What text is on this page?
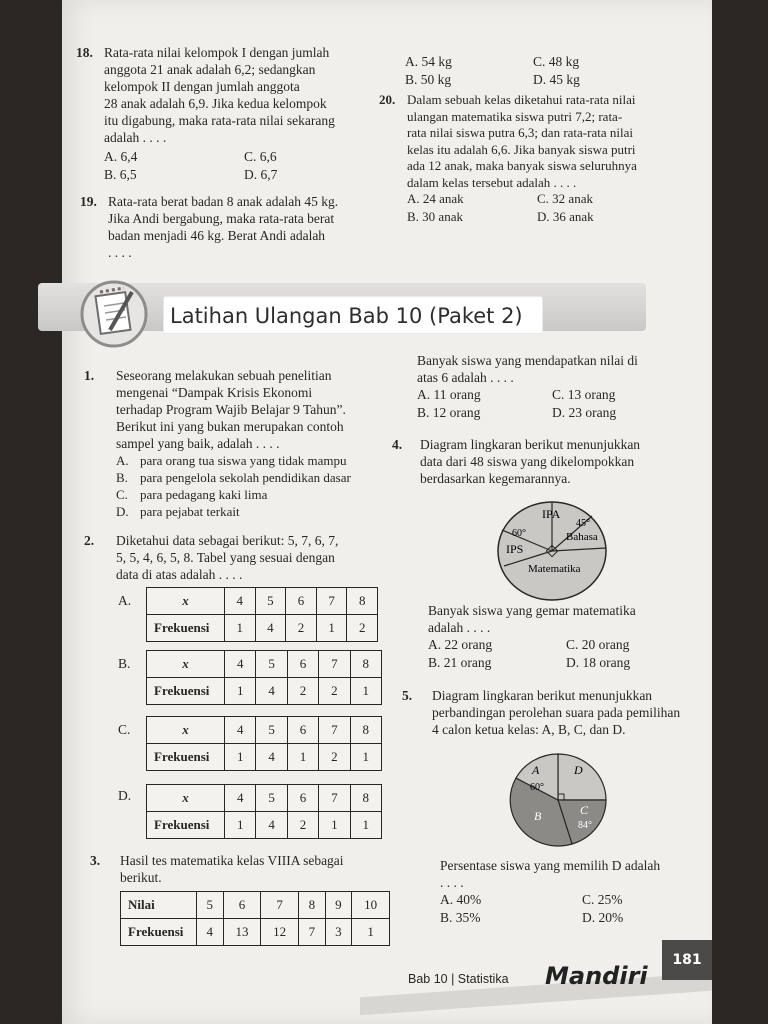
18. Rata-rata nilai kelompok I dengan jumlah

anggota 21 anak adalah 6,2; sedangkan

kelompok II dengan jumlah anggota

28 anak adalah 6,9. Jika kedua kelompok

itu digabung, maka rata-rata nilai sekarang

adalah . . . .

A. 6,4	C. 6,6
B. 6,5	D. 6,7
19. Rata-rata berat badan 8 anak adalah 45 kg.

Jika Andi bergabung, maka rata-rata berat

badan menjadi 46 kg. Berat Andi adalah

. . . .

A. 54 kg	C. 48 kg
B. 50 kg	D. 45 kg
20. Dalam sebuah kelas diketahui rata-rata nilai

ulangan matematika siswa putri 7,2; rata-

rata nilai siswa putra 6,3; dan rata-rata nilai

kelas itu adalah 6,6. Jika banyak siswa putri

ada 12 anak, maka banyak siswa seluruhnya

dalam kelas tersebut adalah . . . .

A. 24 anak	C. 32 anak
B. 30 anak	D. 36 anak
Latihan Ulangan Bab 10 (Paket 2)
1. Seseorang melakukan sebuah penelitian

mengenai “Dampak Krisis Ekonomi

terhadap Program Wajib Belajar 9 Tahun”.

Berikut ini yang bukan merupakan contoh

sampel yang baik, adalah . . . .

A. para orang tua siswa yang tidak mampu
B. para pengelola sekolah pendidikan dasar
C. para pedagang kaki lima
D. para pejabat terkait
2. Diketahui data sebagai berikut: 5, 7, 6, 7,

5, 5, 4, 6, 5, 8. Tabel yang sesuai dengan

data di atas adalah . . . .

A.	x	4	5	6	7	8
Frekuensi	1	4	2	1	2
B.	x	4	5	6	7	8
Frekuensi	1	4	2	2	1
C.	x	4	5	6	7	8
Frekuensi	1	4	1	2	1
D.	x	4	5	6	7	8
Frekuensi	1	4	2	1	1
3. Hasil tes matematika kelas VIIIA sebagai

berikut.

Nilai	5	6	7	8	9	10
Frekuensi	4	13	12	7	3	1

Banyak siswa yang mendapatkan nilai di

atas 6 adalah . . . .

A. 11 orang	C. 13 orang
B. 12 orang	D. 23 orang
4. Diagram lingkaran berikut menunjukkan

data dari 48 siswa yang dikelompokkan

berdasarkan kegemarannya.

IPA
45°
Bahasa
60°
IPS
Matematika

Banyak siswa yang gemar matematika

adalah . . . .

A. 22 orang	C. 20 orang
B. 21 orang	D. 18 orang
5. Diagram lingkaran berikut menunjukkan

perbandingan perolehan suara pada pemilihan

4 calon ketua kelas: A, B, C, dan D.

A
60°
D
B	C
84°

Persentase siswa yang memilih D adalah

. . . .

A. 40%	C. 25%
B. 35%	D. 20%
Bab 10 | Statistika Mandiri
181
